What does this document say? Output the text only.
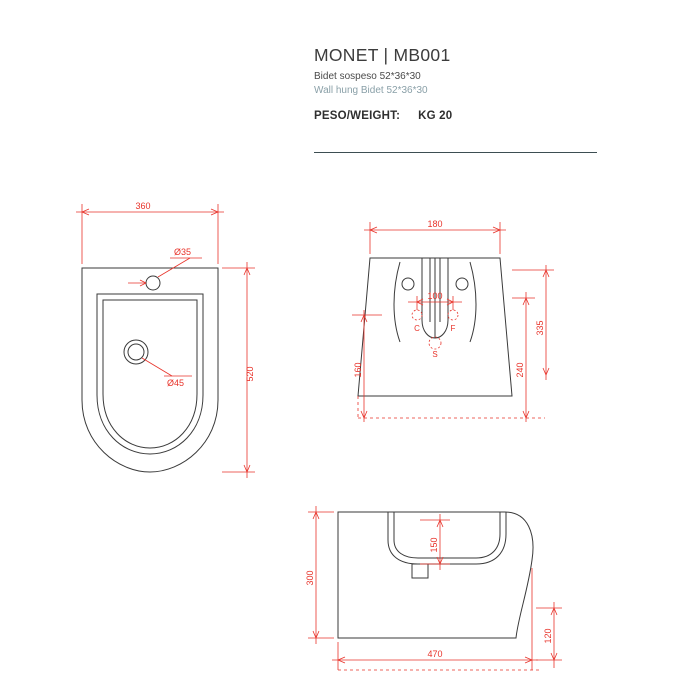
MONET | MB001
Bidet sospeso 52*36*30
Wall hung Bidet 52*36*30
PESO/WEIGHT: KG 20
360
520
Ø35
Ø45
C	F
S
180
100
160	240
335
150
300
470
120
